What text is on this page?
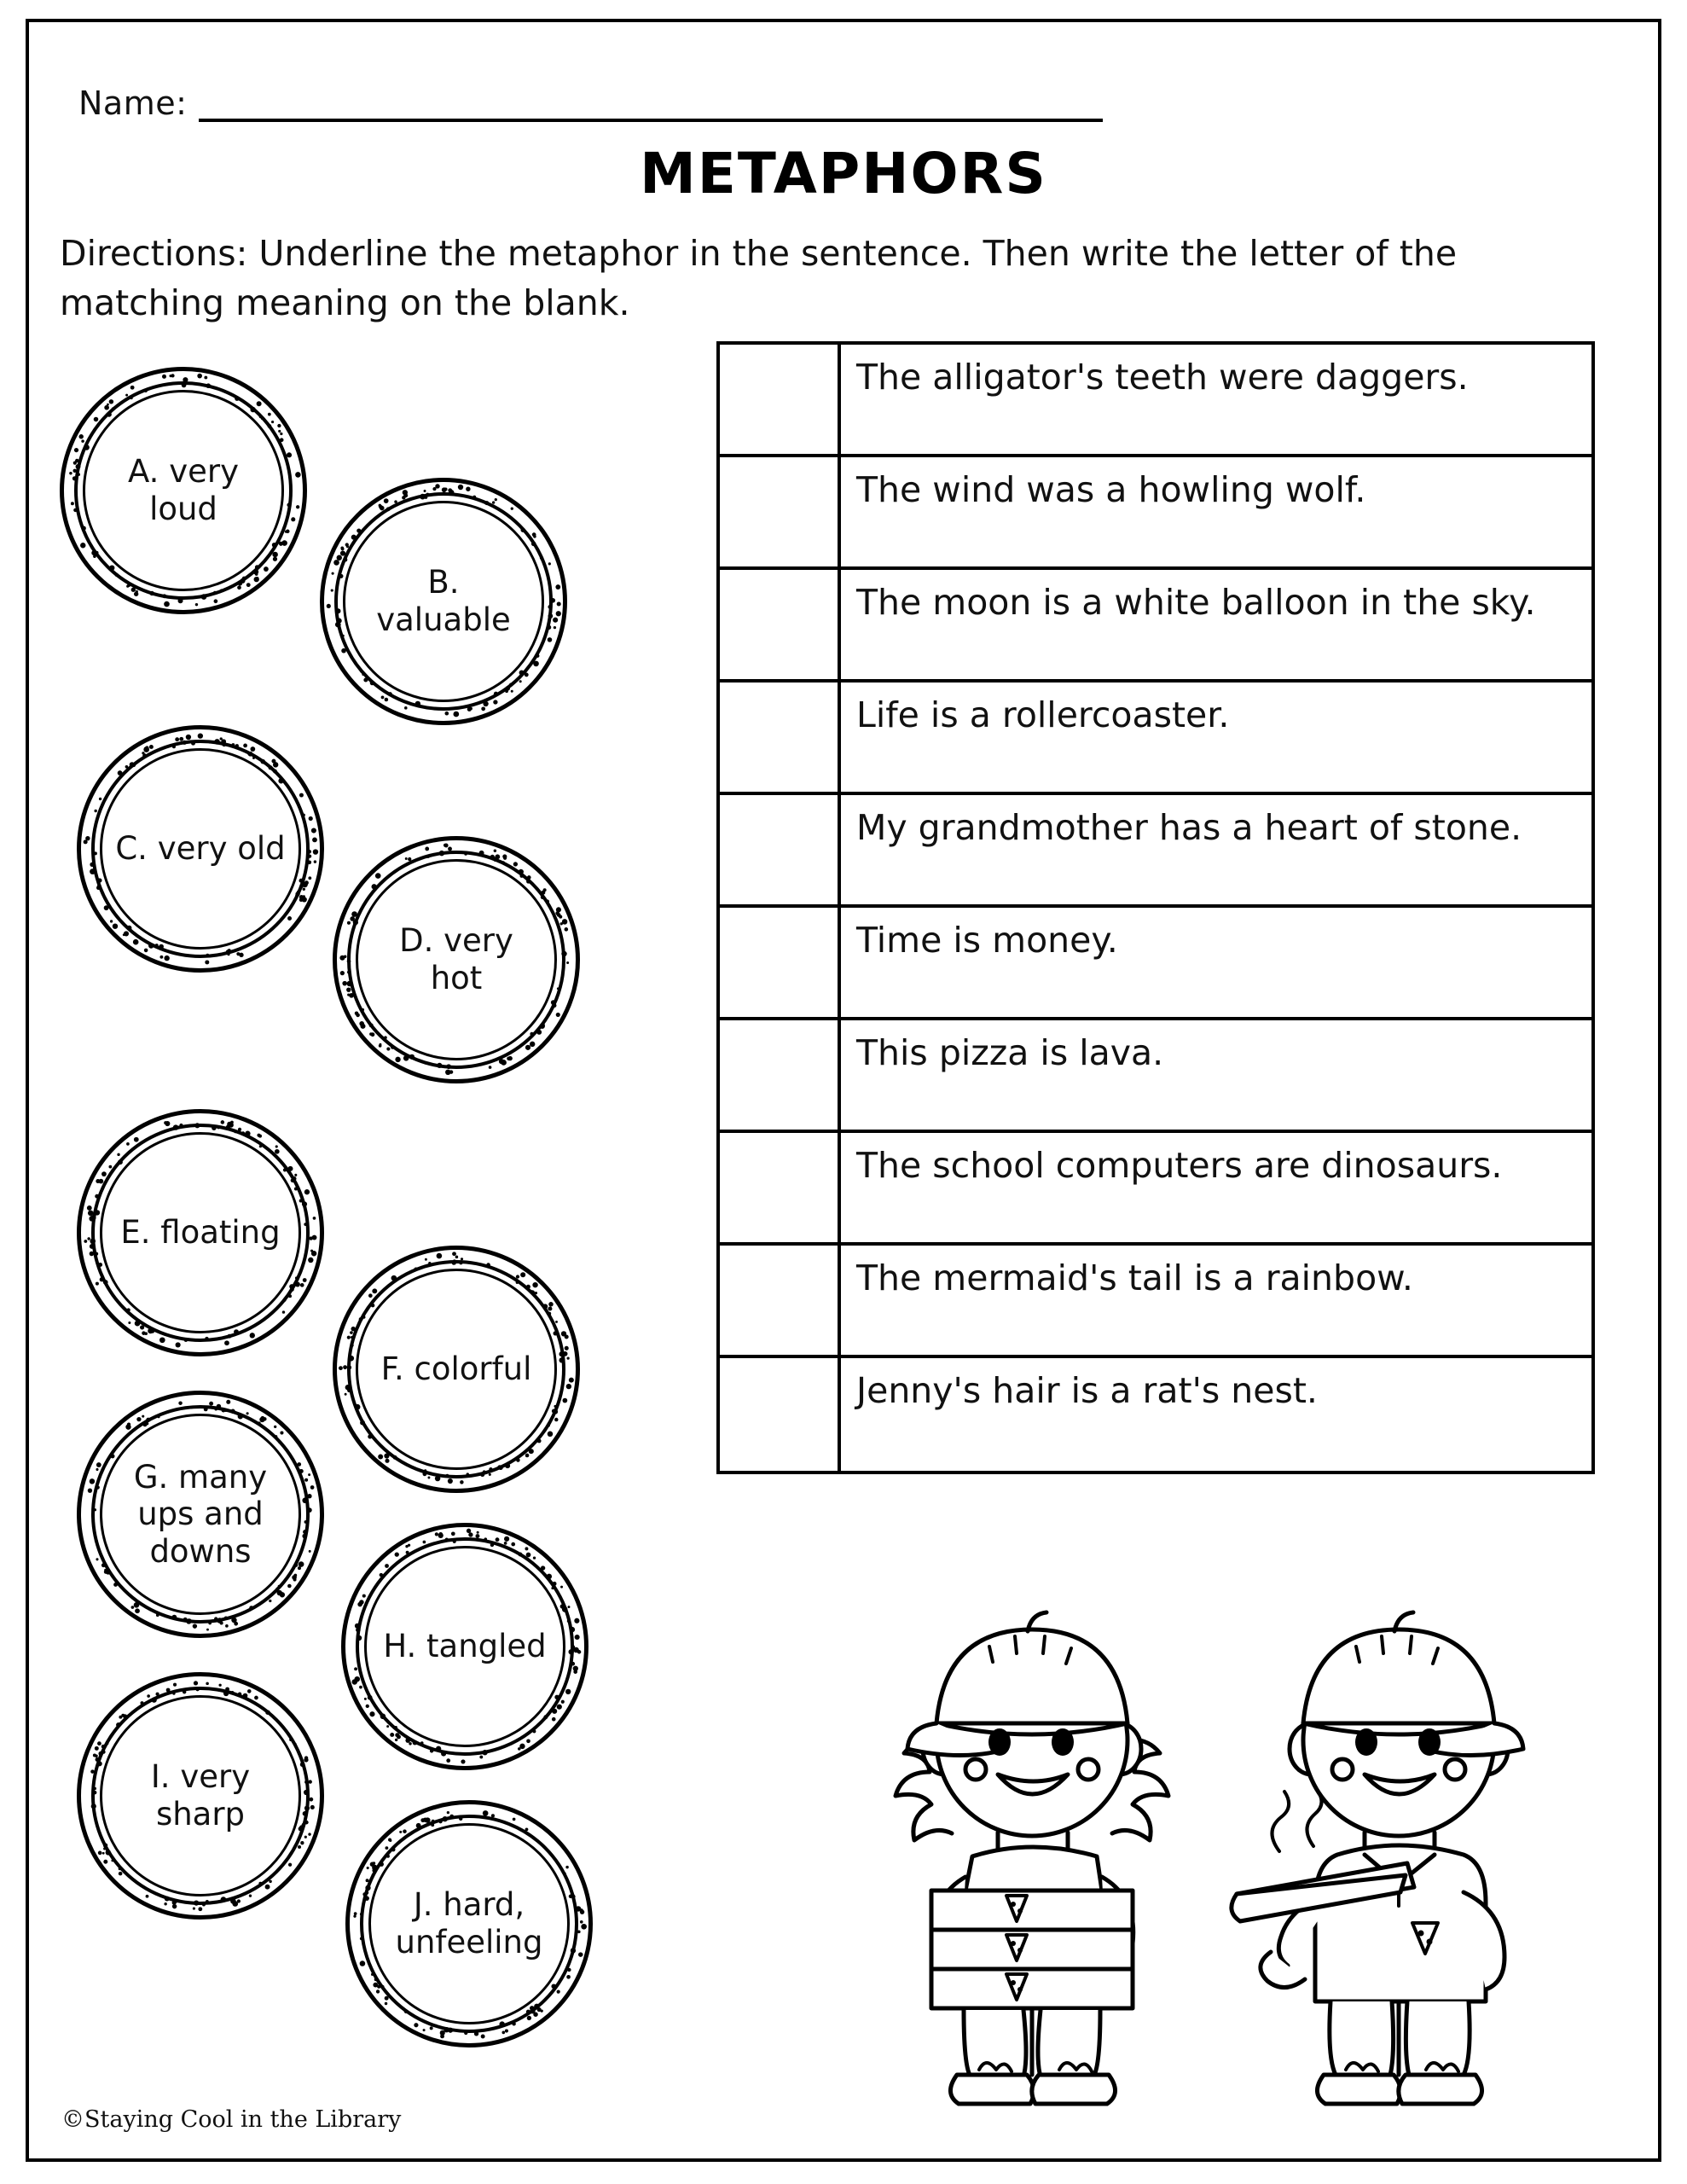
Name:
METAPHORS
Directions: Underline the metaphor in the sentence. Then write the letter of the matching meaning on the blank.
A. very loud
B. valuable
C. very old
D. very hot
E. floating
F. colorful
G. many ups and downs
H. tangled
I. very sharp
J. hard, unfeeling
The alligator's teeth were daggers.
The wind was a howling wolf.
The moon is a white balloon in the sky.
Life is a rollercoaster.
My grandmother has a heart of stone.
Time is money.
This pizza is lava.
The school computers are dinosaurs.
The mermaid's tail is a rainbow.
Jenny's hair is a rat's nest.
©Staying Cool in the Library
